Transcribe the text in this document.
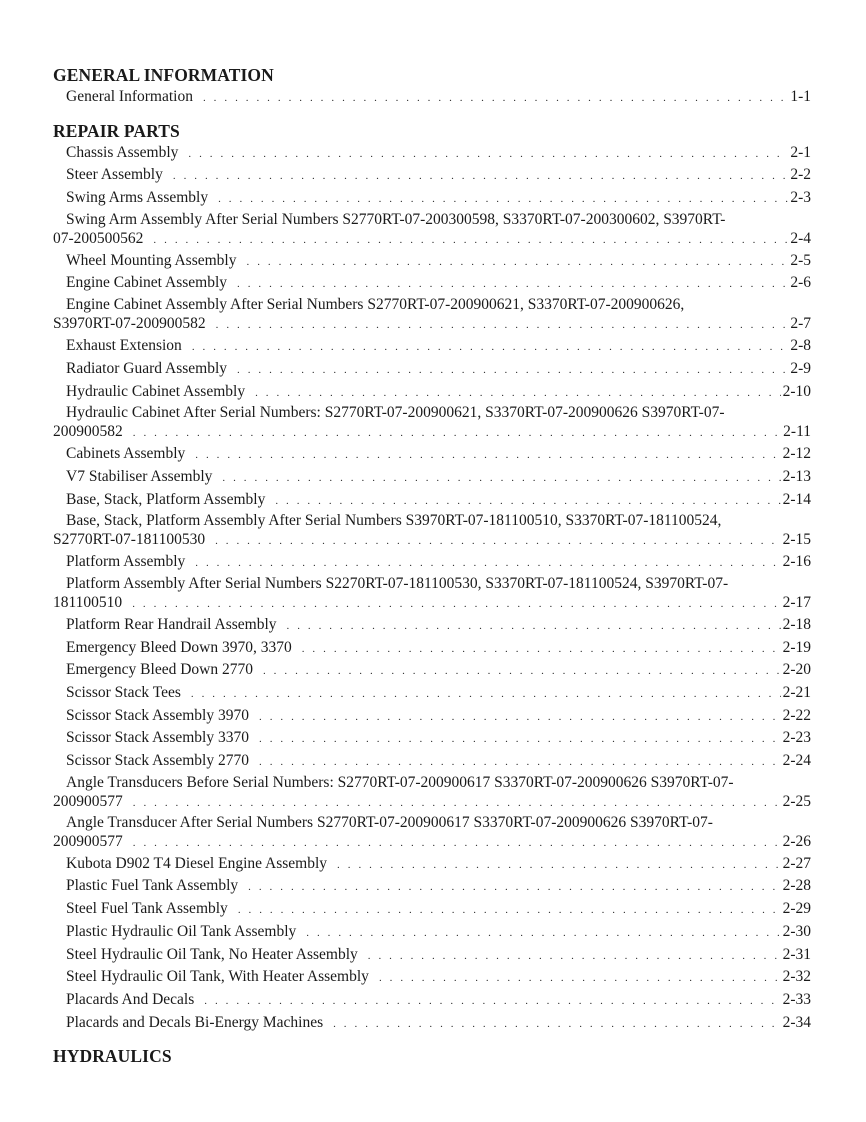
GENERAL INFORMATION
General Information . . .	1-1
REPAIR PARTS
Chassis Assembly . . .	2-1
Steer Assembly . . .	2-2
Swing Arms Assembly . . .	2-3
Swing Arm Assembly After Serial Numbers S2770RT-07-200300598, S3370RT-07-200300602, S3970RT-
07-200500562 . . .	2-4
Wheel Mounting Assembly . . .	2-5
Engine Cabinet Assembly . . .	2-6
Engine Cabinet Assembly After Serial Numbers S2770RT-07-200900621, S3370RT-07-200900626,
S3970RT-07-200900582 . . .	2-7
Exhaust Extension . . .	2-8
Radiator Guard Assembly . . .	2-9
Hydraulic Cabinet Assembly . . .	2-10
Hydraulic Cabinet After Serial Numbers: S2770RT-07-200900621, S3370RT-07-200900626 S3970RT-07-
200900582 . . .	2-11
Cabinets Assembly . . .	2-12
V7 Stabiliser Assembly . . .	2-13
Base, Stack, Platform Assembly . . .	2-14
Base, Stack, Platform Assembly After Serial Numbers S3970RT-07-181100510, S3370RT-07-181100524,
S2770RT-07-181100530 . . .	2-15
Platform Assembly . . .	2-16
Platform Assembly After Serial Numbers S2270RT-07-181100530, S3370RT-07-181100524, S3970RT-07-
181100510 . . .	2-17
Platform Rear Handrail Assembly . . .	2-18
Emergency Bleed Down 3970, 3370 . . .	2-19
Emergency Bleed Down 2770 . . .	2-20
Scissor Stack Tees . . .	2-21
Scissor Stack Assembly 3970 . . .	2-22
Scissor Stack Assembly 3370 . . .	2-23
Scissor Stack Assembly 2770 . . .	2-24
Angle Transducers Before Serial Numbers: S2770RT-07-200900617 S3370RT-07-200900626 S3970RT-07-
200900577 . . .	2-25
Angle Transducer After Serial Numbers S2770RT-07-200900617 S3370RT-07-200900626 S3970RT-07-
200900577 . . .	2-26
Kubota D902 T4 Diesel Engine Assembly . . .	2-27
Plastic Fuel Tank Assembly . . .	2-28
Steel Fuel Tank Assembly . . .	2-29
Plastic Hydraulic Oil Tank Assembly . . .	2-30
Steel Hydraulic Oil Tank, No Heater Assembly . . .	2-31
Steel Hydraulic Oil Tank, With Heater Assembly . . .	2-32
Placards And Decals . . .	2-33
Placards and Decals Bi-Energy Machines . . .	2-34
HYDRAULICS
